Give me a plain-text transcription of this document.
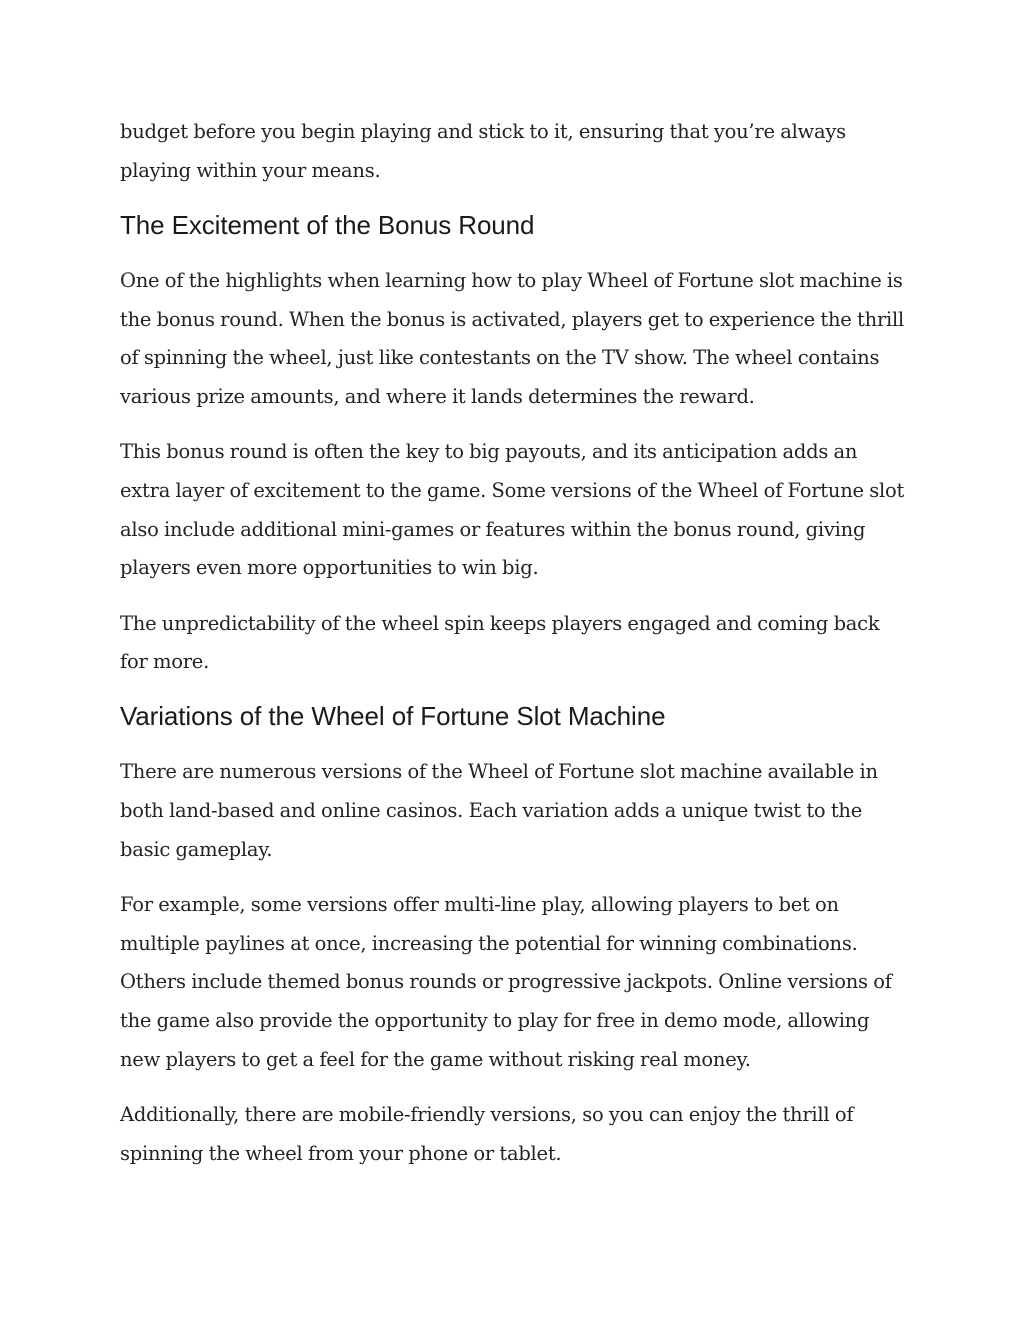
budget before you begin playing and stick to it, ensuring that you’re always playing within your means.

The Excitement of the Bonus Round

One of the highlights when learning how to play Wheel of Fortune slot machine is the bonus round. When the bonus is activated, players get to experience the thrill of spinning the wheel, just like contestants on the TV show. The wheel contains various prize amounts, and where it lands determines the reward.

This bonus round is often the key to big payouts, and its anticipation adds an extra layer of excitement to the game. Some versions of the Wheel of Fortune slot also include additional mini-games or features within the bonus round, giving players even more opportunities to win big.

The unpredictability of the wheel spin keeps players engaged and coming back for more.

Variations of the Wheel of Fortune Slot Machine

There are numerous versions of the Wheel of Fortune slot machine available in both land-based and online casinos. Each variation adds a unique twist to the basic gameplay.

For example, some versions offer multi-line play, allowing players to bet on multiple paylines at once, increasing the potential for winning combinations. Others include themed bonus rounds or progressive jackpots. Online versions of the game also provide the opportunity to play for free in demo mode, allowing new players to get a feel for the game without risking real money.

Additionally, there are mobile-friendly versions, so you can enjoy the thrill of spinning the wheel from your phone or tablet.
